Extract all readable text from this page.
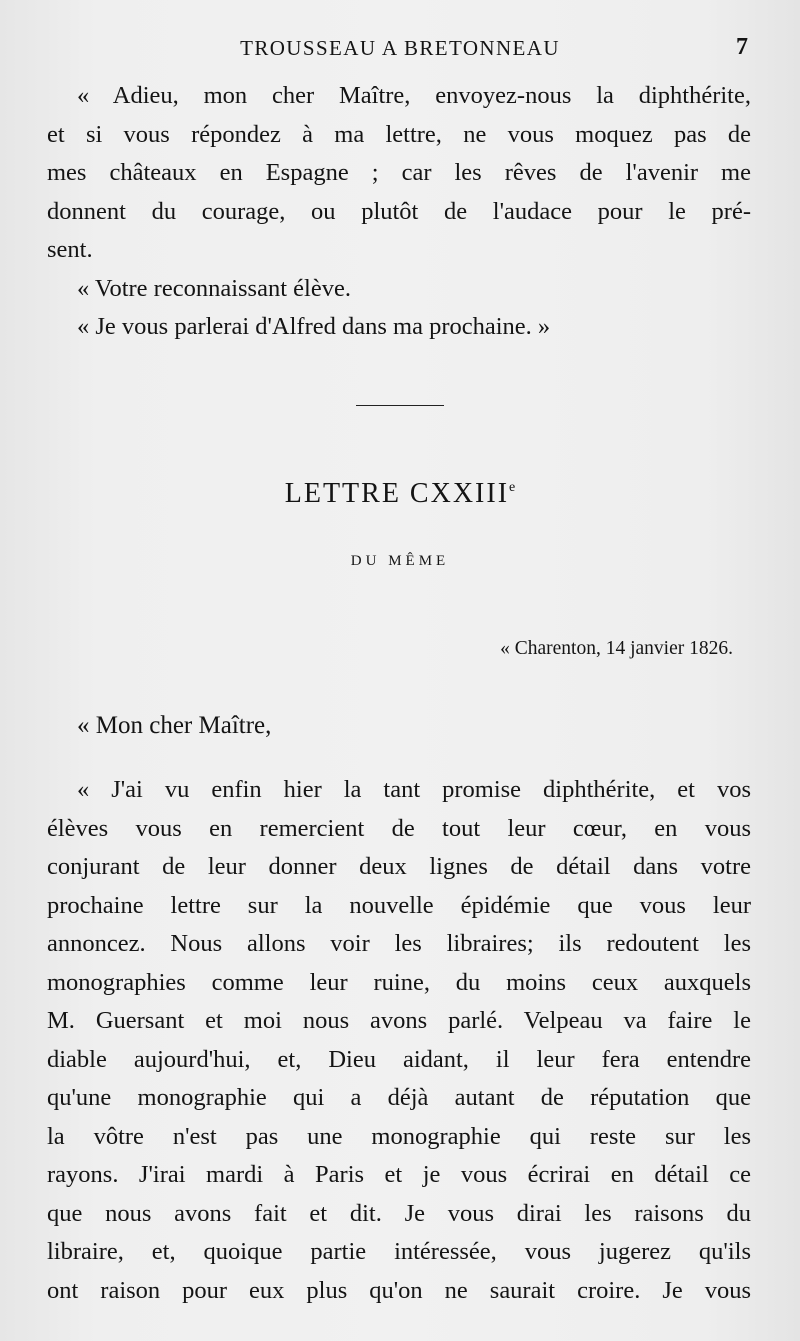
TROUSSEAU A BRETONNEAU	7
« Adieu, mon cher Maître, envoyez-nous la diphthérite,
et si vous répondez à ma lettre, ne vous moquez pas de
mes châteaux en Espagne ; car les rêves de l'avenir me
donnent du courage, ou plutôt de l'audace pour le pré-
sent.
« Votre reconnaissant élève.
« Je vous parlerai d'Alfred dans ma prochaine. »
LETTRE CXXIIIe
DU MÊME
« Charenton, 14 janvier 1826.
« Mon cher Maître,
« J'ai vu enfin hier la tant promise diphthérite, et vos
élèves vous en remercient de tout leur cœur, en vous
conjurant de leur donner deux lignes de détail dans votre
prochaine lettre sur la nouvelle épidémie que vous leur
annoncez. Nous allons voir les libraires; ils redoutent les
monographies comme leur ruine, du moins ceux auxquels
M. Guersant et moi nous avons parlé. Velpeau va faire le
diable aujourd'hui, et, Dieu aidant, il leur fera entendre
qu'une monographie qui a déjà autant de réputation que
la vôtre n'est pas une monographie qui reste sur les
rayons. J'irai mardi à Paris et je vous écrirai en détail ce
que nous avons fait et dit. Je vous dirai les raisons du
libraire, et, quoique partie intéressée, vous jugerez qu'ils
ont raison pour eux plus qu'on ne saurait croire. Je vous
